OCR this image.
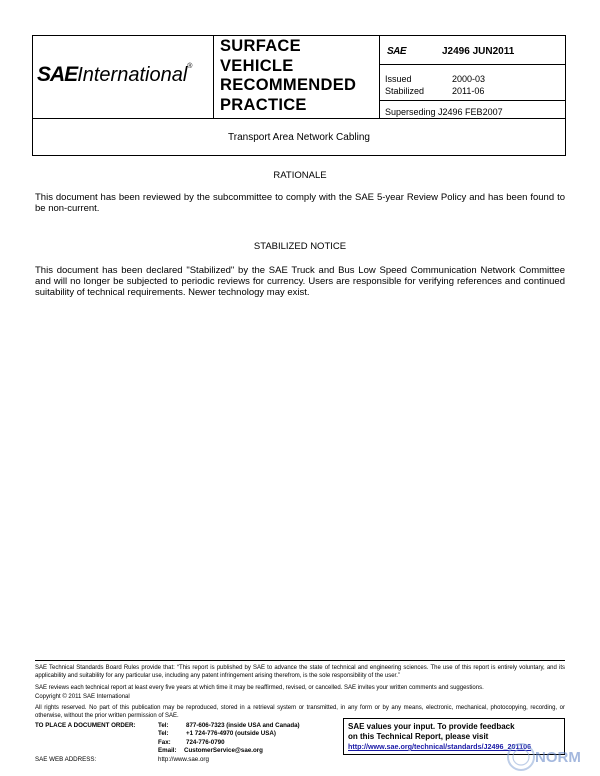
SAEInternational®
SURFACE
VEHICLE
RECOMMENDED
PRACTICE
SAE	J2496 JUN2011
Issued	2000-03
Stabilized	2011-06
Superseding J2496 FEB2007
Transport Area Network Cabling
RATIONALE
This document has been reviewed by the subcommittee to comply with the SAE 5-year Review Policy and has been found to be non-current.
STABILIZED NOTICE
This document has been declared "Stabilized" by the SAE Truck and Bus Low Speed Communication Network Committee and will no longer be subjected to periodic reviews for currency. Users are responsible for verifying references and continued suitability of technical requirements. Newer technology may exist.
SAE Technical Standards Board Rules provide that: “This report is published by SAE to advance the state of technical and engineering sciences. The use of this report is entirely voluntary, and its applicability and suitability for any particular use, including any patent infringement arising therefrom, is the sole responsibility of the user.”
SAE reviews each technical report at least every five years at which time it may be reaffirmed, revised, or cancelled. SAE invites your written comments and suggestions.
Copyright © 2011 SAE International
All rights reserved. No part of this publication may be reproduced, stored in a retrieval system or transmitted, in any form or by any means, electronic, mechanical, photocopying, recording, or otherwise, without the prior written permission of SAE.
TO PLACE A DOCUMENT ORDER:	Tel:	877-606-7323 (inside USA and Canada)
Tel:	+1 724-776-4970 (outside USA)
Fax: 724-776-0790
Email: CustomerService@sae.org
SAE WEB ADDRESS:	http://www.sae.org
SAE values your input. To provide feedback
on this Technical Report, please visit
http://www.sae.org/technical/standards/J2496_201106
NORM
